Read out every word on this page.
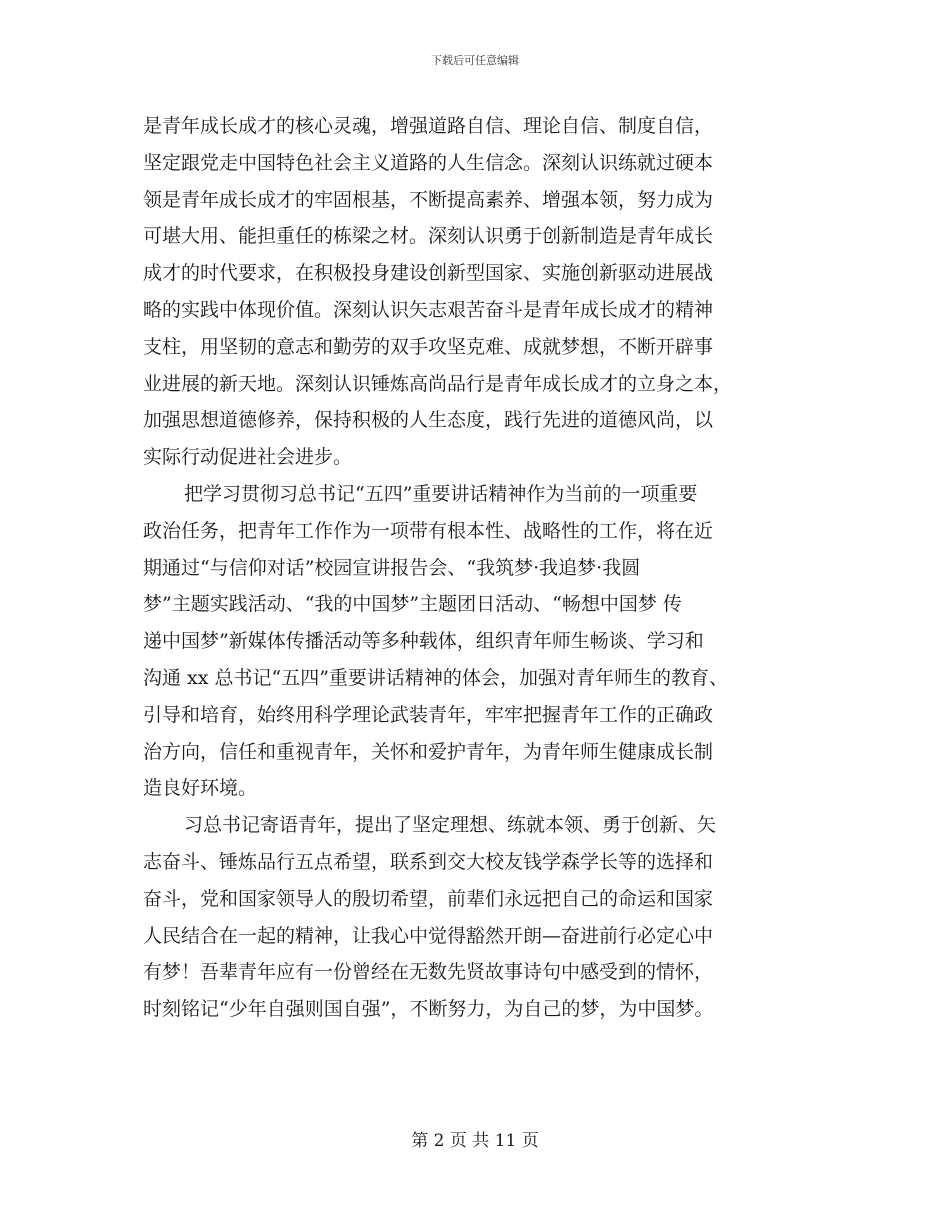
下载后可任意编辑
是青年成长成才的核心灵魂，增强道路自信、理论自信、制度自信，
坚定跟党走中国特色社会主义道路的人生信念。深刻认识练就过硬本
领是青年成长成才的牢固根基，不断提高素养、增强本领，努力成为
可堪大用、能担重任的栋梁之材。深刻认识勇于创新制造是青年成长
成才的时代要求，在积极投身建设创新型国家、实施创新驱动进展战
略的实践中体现价值。深刻认识矢志艰苦奋斗是青年成长成才的精神
支柱，用坚韧的意志和勤劳的双手攻坚克难、成就梦想，不断开辟事
业进展的新天地。深刻认识锤炼高尚品行是青年成长成才的立身之本，
加强思想道德修养，保持积极的人生态度，践行先进的道德风尚，以
实际行动促进社会进步。
把学习贯彻习总书记“五四”重要讲话精神作为当前的一项重要
政治任务，把青年工作作为一项带有根本性、战略性的工作，将在近
期通过“与信仰对话”校园宣讲报告会、“我筑梦·我追梦·我圆
梦”主题实践活动、“我的中国梦”主题团日活动、“畅想中国梦 传
递中国梦”新媒体传播活动等多种载体，组织青年师生畅谈、学习和
沟通 xx 总书记“五四”重要讲话精神的体会，加强对青年师生的教育、
引导和培育，始终用科学理论武装青年，牢牢把握青年工作的正确政
治方向，信任和重视青年，关怀和爱护青年，为青年师生健康成长制
造良好环境。
习总书记寄语青年，提出了坚定理想、练就本领、勇于创新、矢
志奋斗、锤炼品行五点希望，联系到交大校友钱学森学长等的选择和
奋斗，党和国家领导人的殷切希望，前辈们永远把自己的命运和国家
人民结合在一起的精神，让我心中觉得豁然开朗—奋进前行必定心中
有梦！吾辈青年应有一份曾经在无数先贤故事诗句中感受到的情怀，
时刻铭记“少年自强则国自强”，不断努力，为自己的梦，为中国梦。
第 2 页 共 11 页
